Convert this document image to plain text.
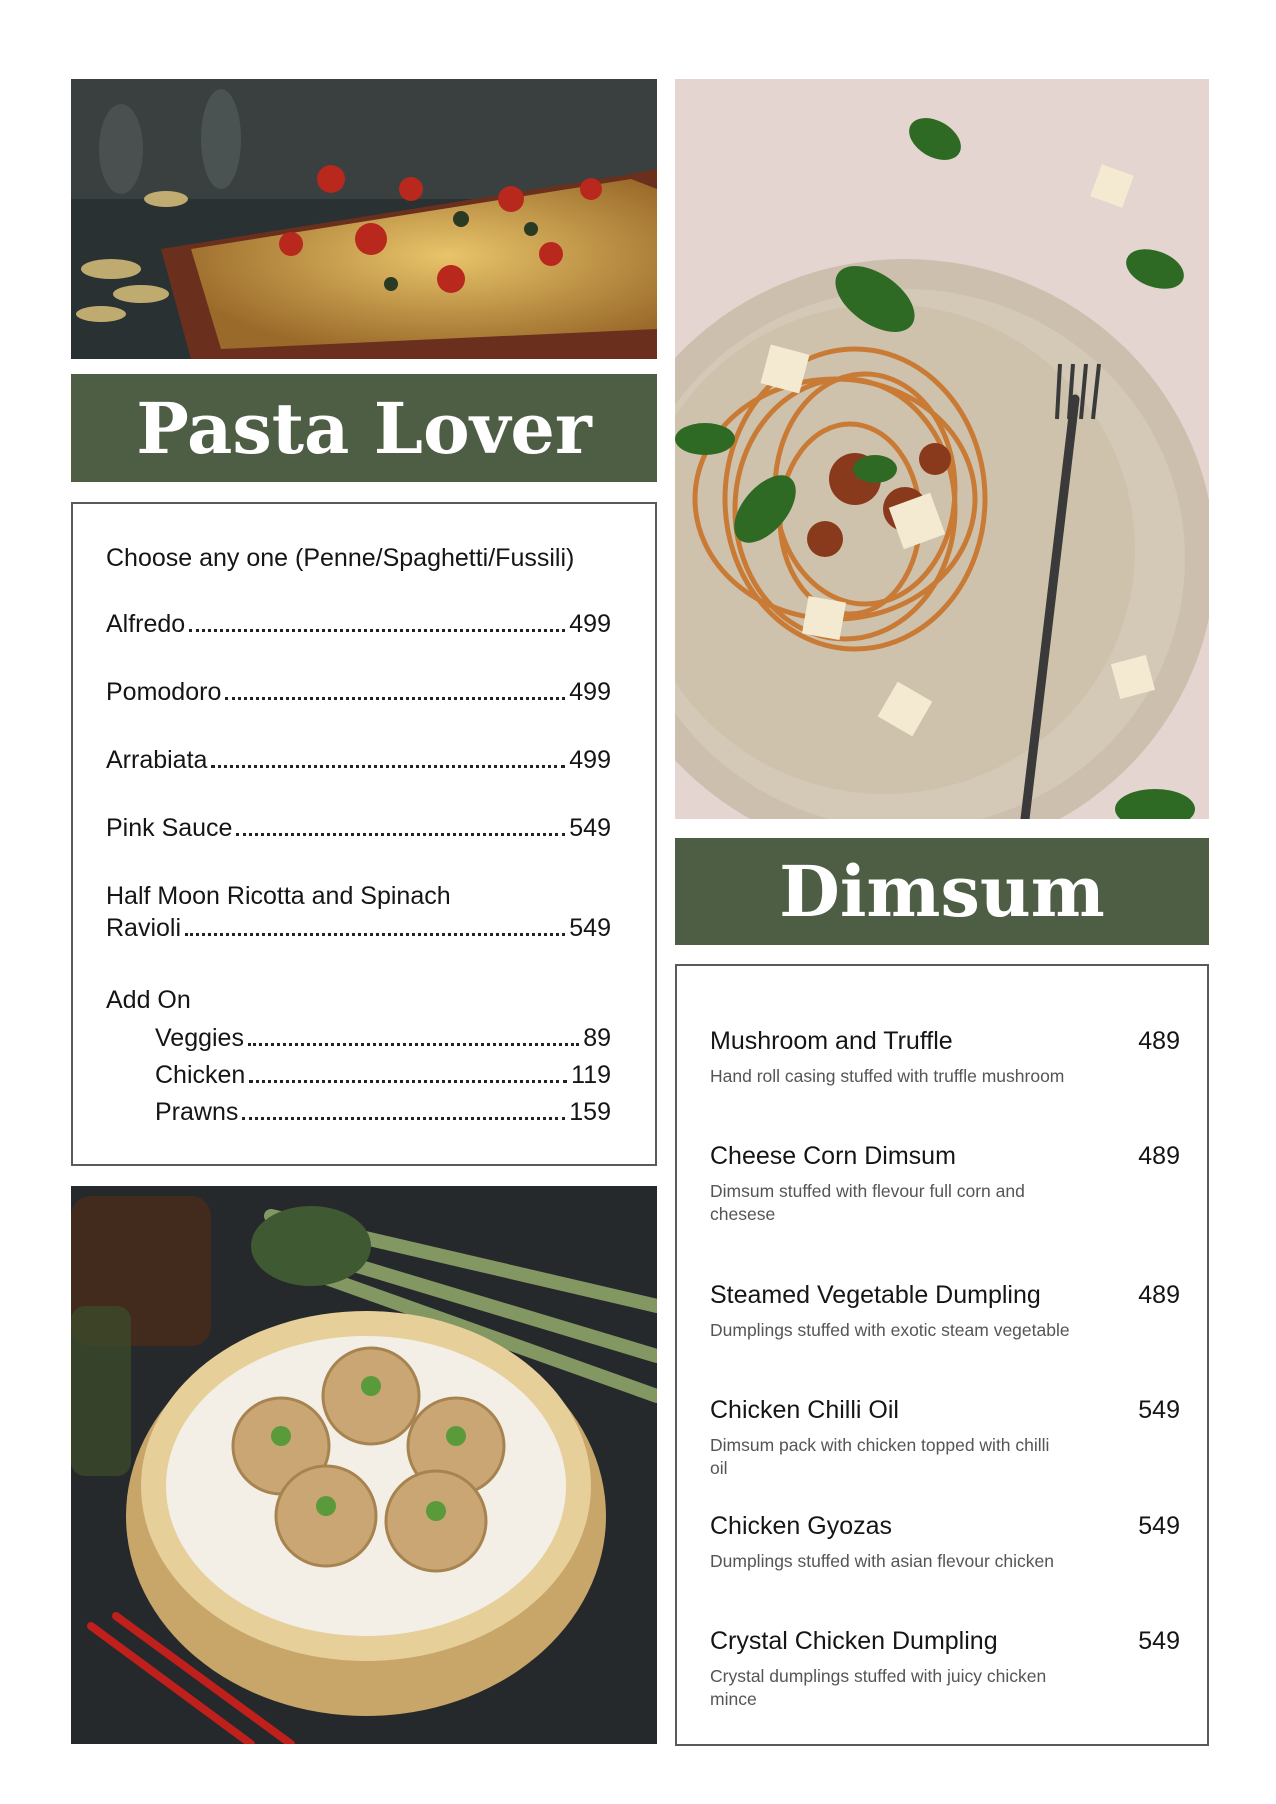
Pasta Lover
Choose any one (Penne/Spaghetti/Fussili)
Alfredo	499
Pomodoro	499
Arrabiata	499
Pink Sauce	549
Half Moon Ricotta and Spinach
Ravioli	549
Add On
Veggies	89
Chicken	119
Prawns	159
Dimsum
Mushroom and Truffle	489
Hand roll casing stuffed with truffle mushroom
Cheese Corn Dimsum	489
Dimsum stuffed with flevour full corn and chesese
Steamed Vegetable Dumpling	489
Dumplings stuffed with exotic steam vegetable
Chicken Chilli Oil	549
Dimsum pack with chicken topped with chilli oil
Chicken Gyozas	549
Dumplings stuffed with asian flevour chicken
Crystal Chicken Dumpling	549
Crystal dumplings stuffed with juicy chicken mince
